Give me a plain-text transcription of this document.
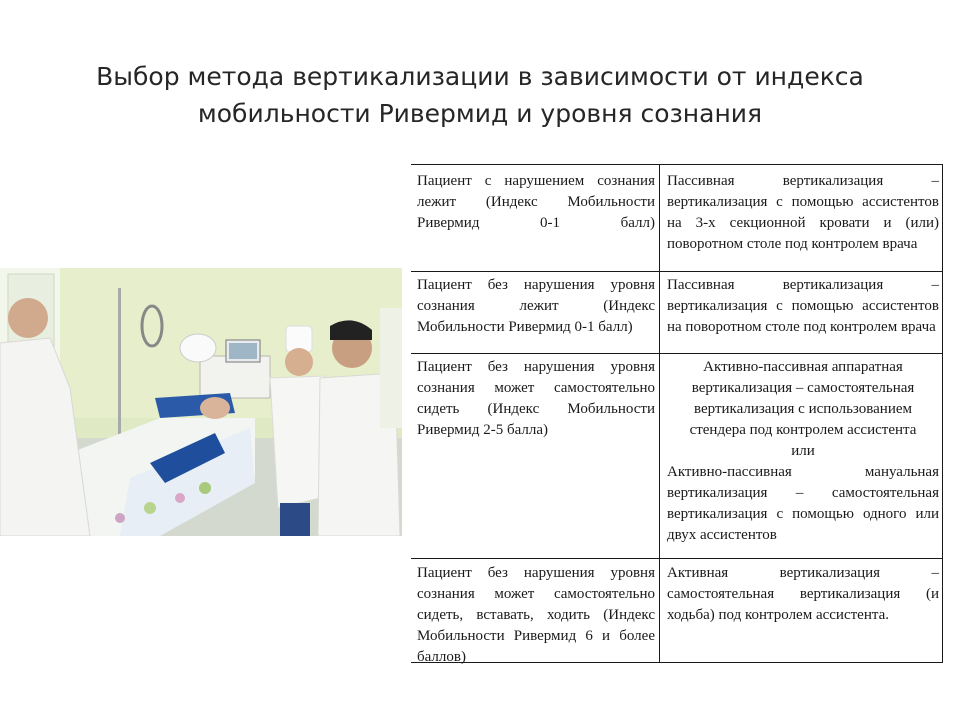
Выбор метода вертикализации в зависимости от индекса
мобильности Ривермид и уровня сознания
Пациент с нарушением сознания лежит (Индекс Мобильности Ривермид 0-1 балл)
Пассивная вертикализация – вертикализация с помощью ассистентов на 3-х секционной кровати и (или) поворотном столе под контролем врача
Пациент без нарушения уровня сознания лежит (Индекс Мобильности Ривермид 0-1 балл)
Пассивная вертикализация – вертикализация с помощью ассистентов на поворотном столе под контролем врача
Пациент без нарушения уровня сознания может самостоятельно сидеть (Индекс Мобильности Ривермид 2-5 балла)
Активно-пассивная аппаратная вертикализация – самостоятельная вертикализация с использованием стендера под контролем ассистента
или
Активно-пассивная мануальная вертикализация – самостоятельная вертикализация с помощью одного или двух ассистентов
Пациент без нарушения уровня сознания может самостоятельно сидеть, вставать, ходить (Индекс Мобильности Ривермид 6 и более баллов)
Активная вертикализация – самостоятельная вертикализация (и ходьба) под контролем ассистента.
